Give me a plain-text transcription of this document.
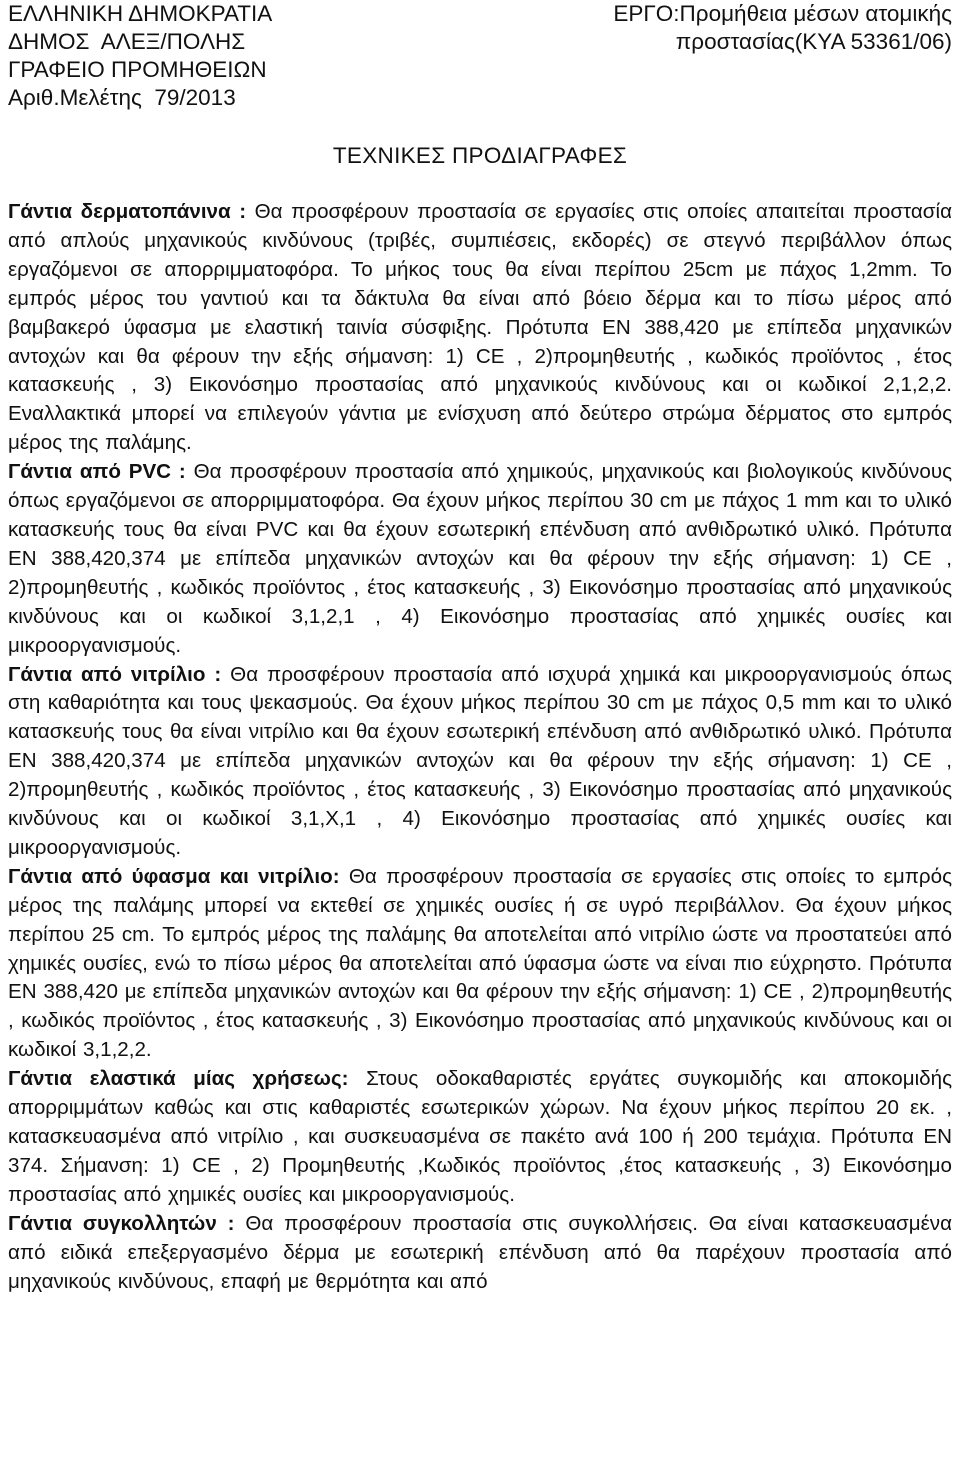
ΕΛΛΗΝΙΚΗ ΔΗΜΟΚΡΑΤΙΑ
ΔΗΜΟΣ  ΑΛΕΞ/ΠΟΛΗΣ
ΓΡΑΦΕΙΟ ΠΡΟΜΗΘΕΙΩΝ
Αριθ.Μελέτης  79/2013
ΕΡΓΟ:Προμήθεια μέσων ατομικής
προστασίας(ΚΥΑ 53361/06)
ΤΕΧΝΙΚΕΣ ΠΡΟΔΙΑΓΡΑΦΕΣ

Γάντια δερματοπάνινα : Θα προσφέρουν προστασία σε εργασίες στις οποίες απαιτείται προστασία από απλούς μηχανικούς κινδύνους (τριβές, συμπιέσεις, εκδορές) σε στεγνό περιβάλλον όπως εργαζόμενοι σε απορριμματοφόρα. Το μήκος τους θα είναι περίπου 25cm με πάχος 1,2mm. Το εμπρός μέρος του γαντιού και τα δάκτυλα θα είναι από βόειο δέρμα και το πίσω μέρος από βαμβακερό ύφασμα με ελαστική ταινία σύσφιξης. Πρότυπα ΕΝ 388,420 με επίπεδα μηχανικών αντοχών και θα φέρουν την εξής σήμανση: 1) CE , 2)προμηθευτής , κωδικός προϊόντος , έτος κατασκευής , 3) Εικονόσημο προστασίας από μηχανικούς κινδύνους και οι κωδικοί 2,1,2,2. Εναλλακτικά μπορεί να επιλεγούν γάντια με ενίσχυση από δεύτερο στρώμα δέρματος στο εμπρός μέρος της παλάμης.

Γάντια από PVC : Θα προσφέρουν προστασία από χημικούς, μηχανικούς και βιολογικούς κινδύνους όπως εργαζόμενοι σε απορριμματοφόρα. Θα έχουν μήκος περίπου 30 cm με πάχος 1 mm και το υλικό κατασκευής τους θα είναι PVC και θα έχουν εσωτερική επένδυση από ανθιδρωτικό υλικό. Πρότυπα ΕΝ 388,420,374 με επίπεδα μηχανικών αντοχών και θα φέρουν την εξής σήμανση: 1) CE , 2)προμηθευτής , κωδικός προϊόντος , έτος κατασκευής , 3) Εικονόσημο προστασίας από μηχανικούς κινδύνους και οι κωδικοί 3,1,2,1 , 4) Εικονόσημο προστασίας από χημικές ουσίες και μικροοργανισμούς.

Γάντια από νιτρίλιο : Θα προσφέρουν προστασία από ισχυρά χημικά και μικροοργανισμούς όπως στη καθαριότητα και τους ψεκασμούς. Θα έχουν μήκος περίπου 30 cm με πάχος 0,5 mm και το υλικό κατασκευής τους θα είναι νιτρίλιο και θα έχουν εσωτερική επένδυση από ανθιδρωτικό υλικό. Πρότυπα ΕΝ 388,420,374 με επίπεδα μηχανικών αντοχών και θα φέρουν την εξής σήμανση: 1) CE , 2)προμηθευτής , κωδικός προϊόντος , έτος κατασκευής , 3) Εικονόσημο προστασίας από μηχανικούς κινδύνους και οι κωδικοί 3,1,Χ,1 , 4) Εικονόσημο προστασίας από χημικές ουσίες και μικροοργανισμούς.

Γάντια από ύφασμα και νιτρίλιο: Θα προσφέρουν προστασία σε εργασίες στις οποίες το εμπρός μέρος της παλάμης μπορεί να εκτεθεί σε χημικές ουσίες ή σε υγρό περιβάλλον. Θα έχουν μήκος περίπου 25 cm. Το εμπρός μέρος της παλάμης θα αποτελείται από νιτρίλιο ώστε να προστατεύει από χημικές ουσίες, ενώ το πίσω μέρος θα αποτελείται από ύφασμα ώστε να είναι πιο εύχρηστο. Πρότυπα ΕΝ 388,420 με επίπεδα μηχανικών αντοχών και θα φέρουν την εξής σήμανση: 1) CE , 2)προμηθευτής , κωδικός προϊόντος , έτος κατασκευής , 3) Εικονόσημο προστασίας από μηχανικούς κινδύνους και οι κωδικοί 3,1,2,2.

Γάντια ελαστικά μίας χρήσεως: Στους οδοκαθαριστές εργάτες συγκομιδής και αποκομιδής απορριμμάτων καθώς και στις καθαριστές εσωτερικών χώρων. Να έχουν μήκος περίπου 20 εκ. , κατασκευασμένα από νιτρίλιο , και συσκευασμένα σε πακέτο ανά 100 ή 200 τεμάχια. Πρότυπα ΕΝ 374. Σήμανση: 1) CE , 2) Προμηθευτής ,Κωδικός προϊόντος ,έτος κατασκευής , 3) Εικονόσημο προστασίας από χημικές ουσίες και μικροοργανισμούς.

Γάντια συγκολλητών : Θα προσφέρουν προστασία στις συγκολλήσεις. Θα είναι κατασκευασμένα από ειδικά επεξεργασμένο δέρμα με εσωτερική επένδυση από θα παρέχουν προστασία από μηχανικούς κινδύνους, επαφή με θερμότητα και από
